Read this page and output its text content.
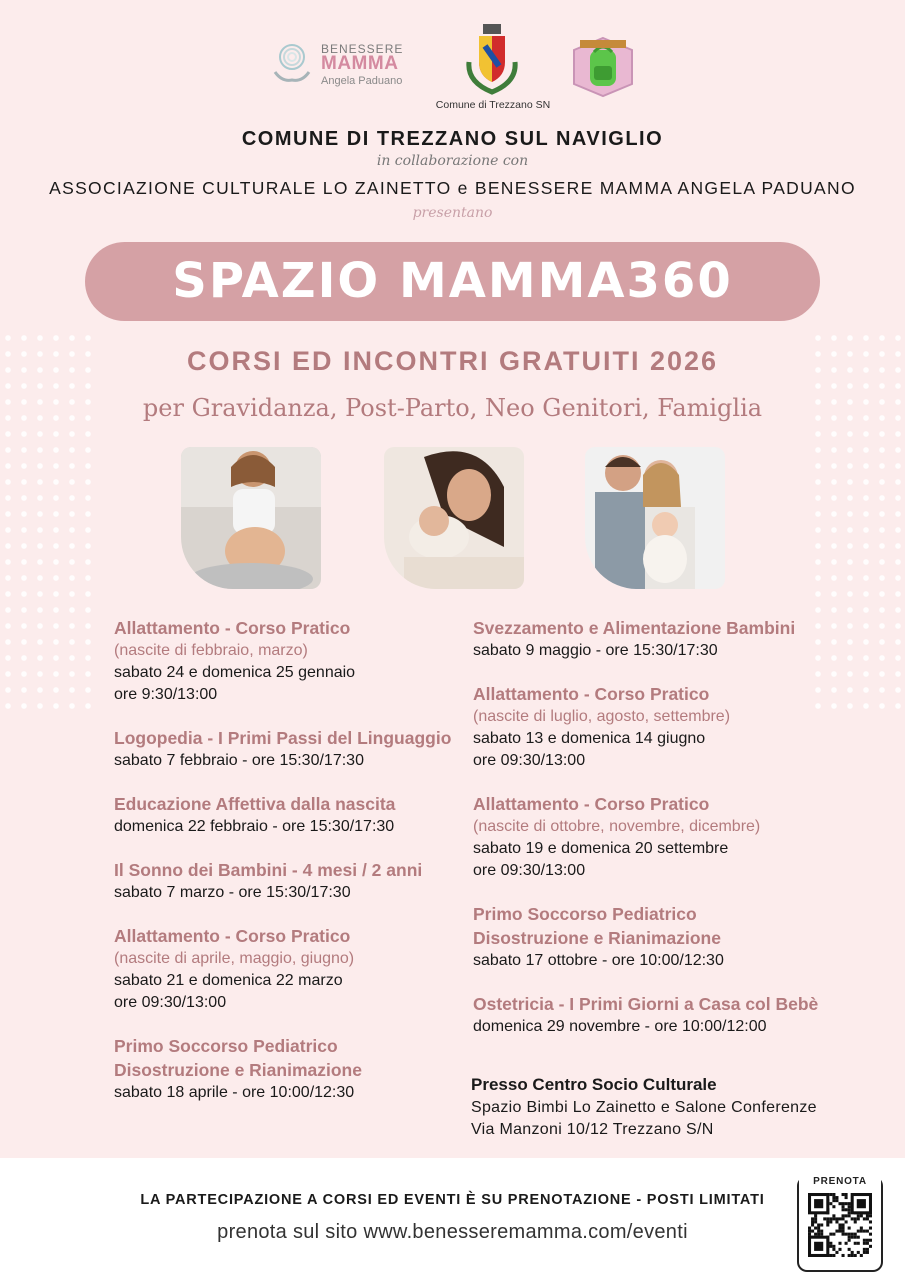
BENESSERE
MAMMA
Angela Paduano
Comune di Trezzano SN
COMUNE DI TREZZANO SUL NAVIGLIO
in collaborazione con
ASSOCIAZIONE CULTURALE LO ZAINETTO e BENESSERE MAMMA ANGELA PADUANO
presentano
SPAZIO MAMMA360
CORSI ED INCONTRI GRATUITI 2026
per Gravidanza, Post-Parto, Neo Genitori, Famiglia
Allattamento - Corso Pratico
(nascite di febbraio, marzo)
sabato 24 e domenica 25 gennaio
ore 9:30/13:00
Logopedia - I Primi Passi del Linguaggio
sabato 7 febbraio - ore 15:30/17:30
Educazione Affettiva dalla nascita
domenica 22 febbraio - ore 15:30/17:30
Il Sonno dei Bambini - 4 mesi / 2 anni
sabato 7 marzo - ore 15:30/17:30
Allattamento - Corso Pratico
(nascite di aprile, maggio, giugno)
sabato 21 e domenica 22 marzo
ore 09:30/13:00
Primo Soccorso Pediatrico
Disostruzione e Rianimazione
sabato 18 aprile - ore 10:00/12:30
Svezzamento e Alimentazione Bambini
sabato 9 maggio - ore 15:30/17:30
Allattamento - Corso Pratico
(nascite di luglio, agosto, settembre)
sabato 13 e domenica 14 giugno
ore 09:30/13:00
Allattamento - Corso Pratico
(nascite di ottobre, novembre, dicembre)
sabato 19 e domenica 20 settembre
ore 09:30/13:00
Primo Soccorso Pediatrico
Disostruzione e Rianimazione
sabato 17 ottobre - ore 10:00/12:30
Ostetricia - I Primi Giorni a Casa col Bebè
domenica 29 novembre - ore 10:00/12:00
Presso Centro Socio Culturale
Spazio Bimbi Lo Zainetto e Salone Conferenze
Via Manzoni 10/12 Trezzano S/N
LA PARTECIPAZIONE A CORSI ED EVENTI È SU PRENOTAZIONE - POSTI LIMITATI
prenota sul sito www.benesseremamma.com/eventi
PRENOTA
